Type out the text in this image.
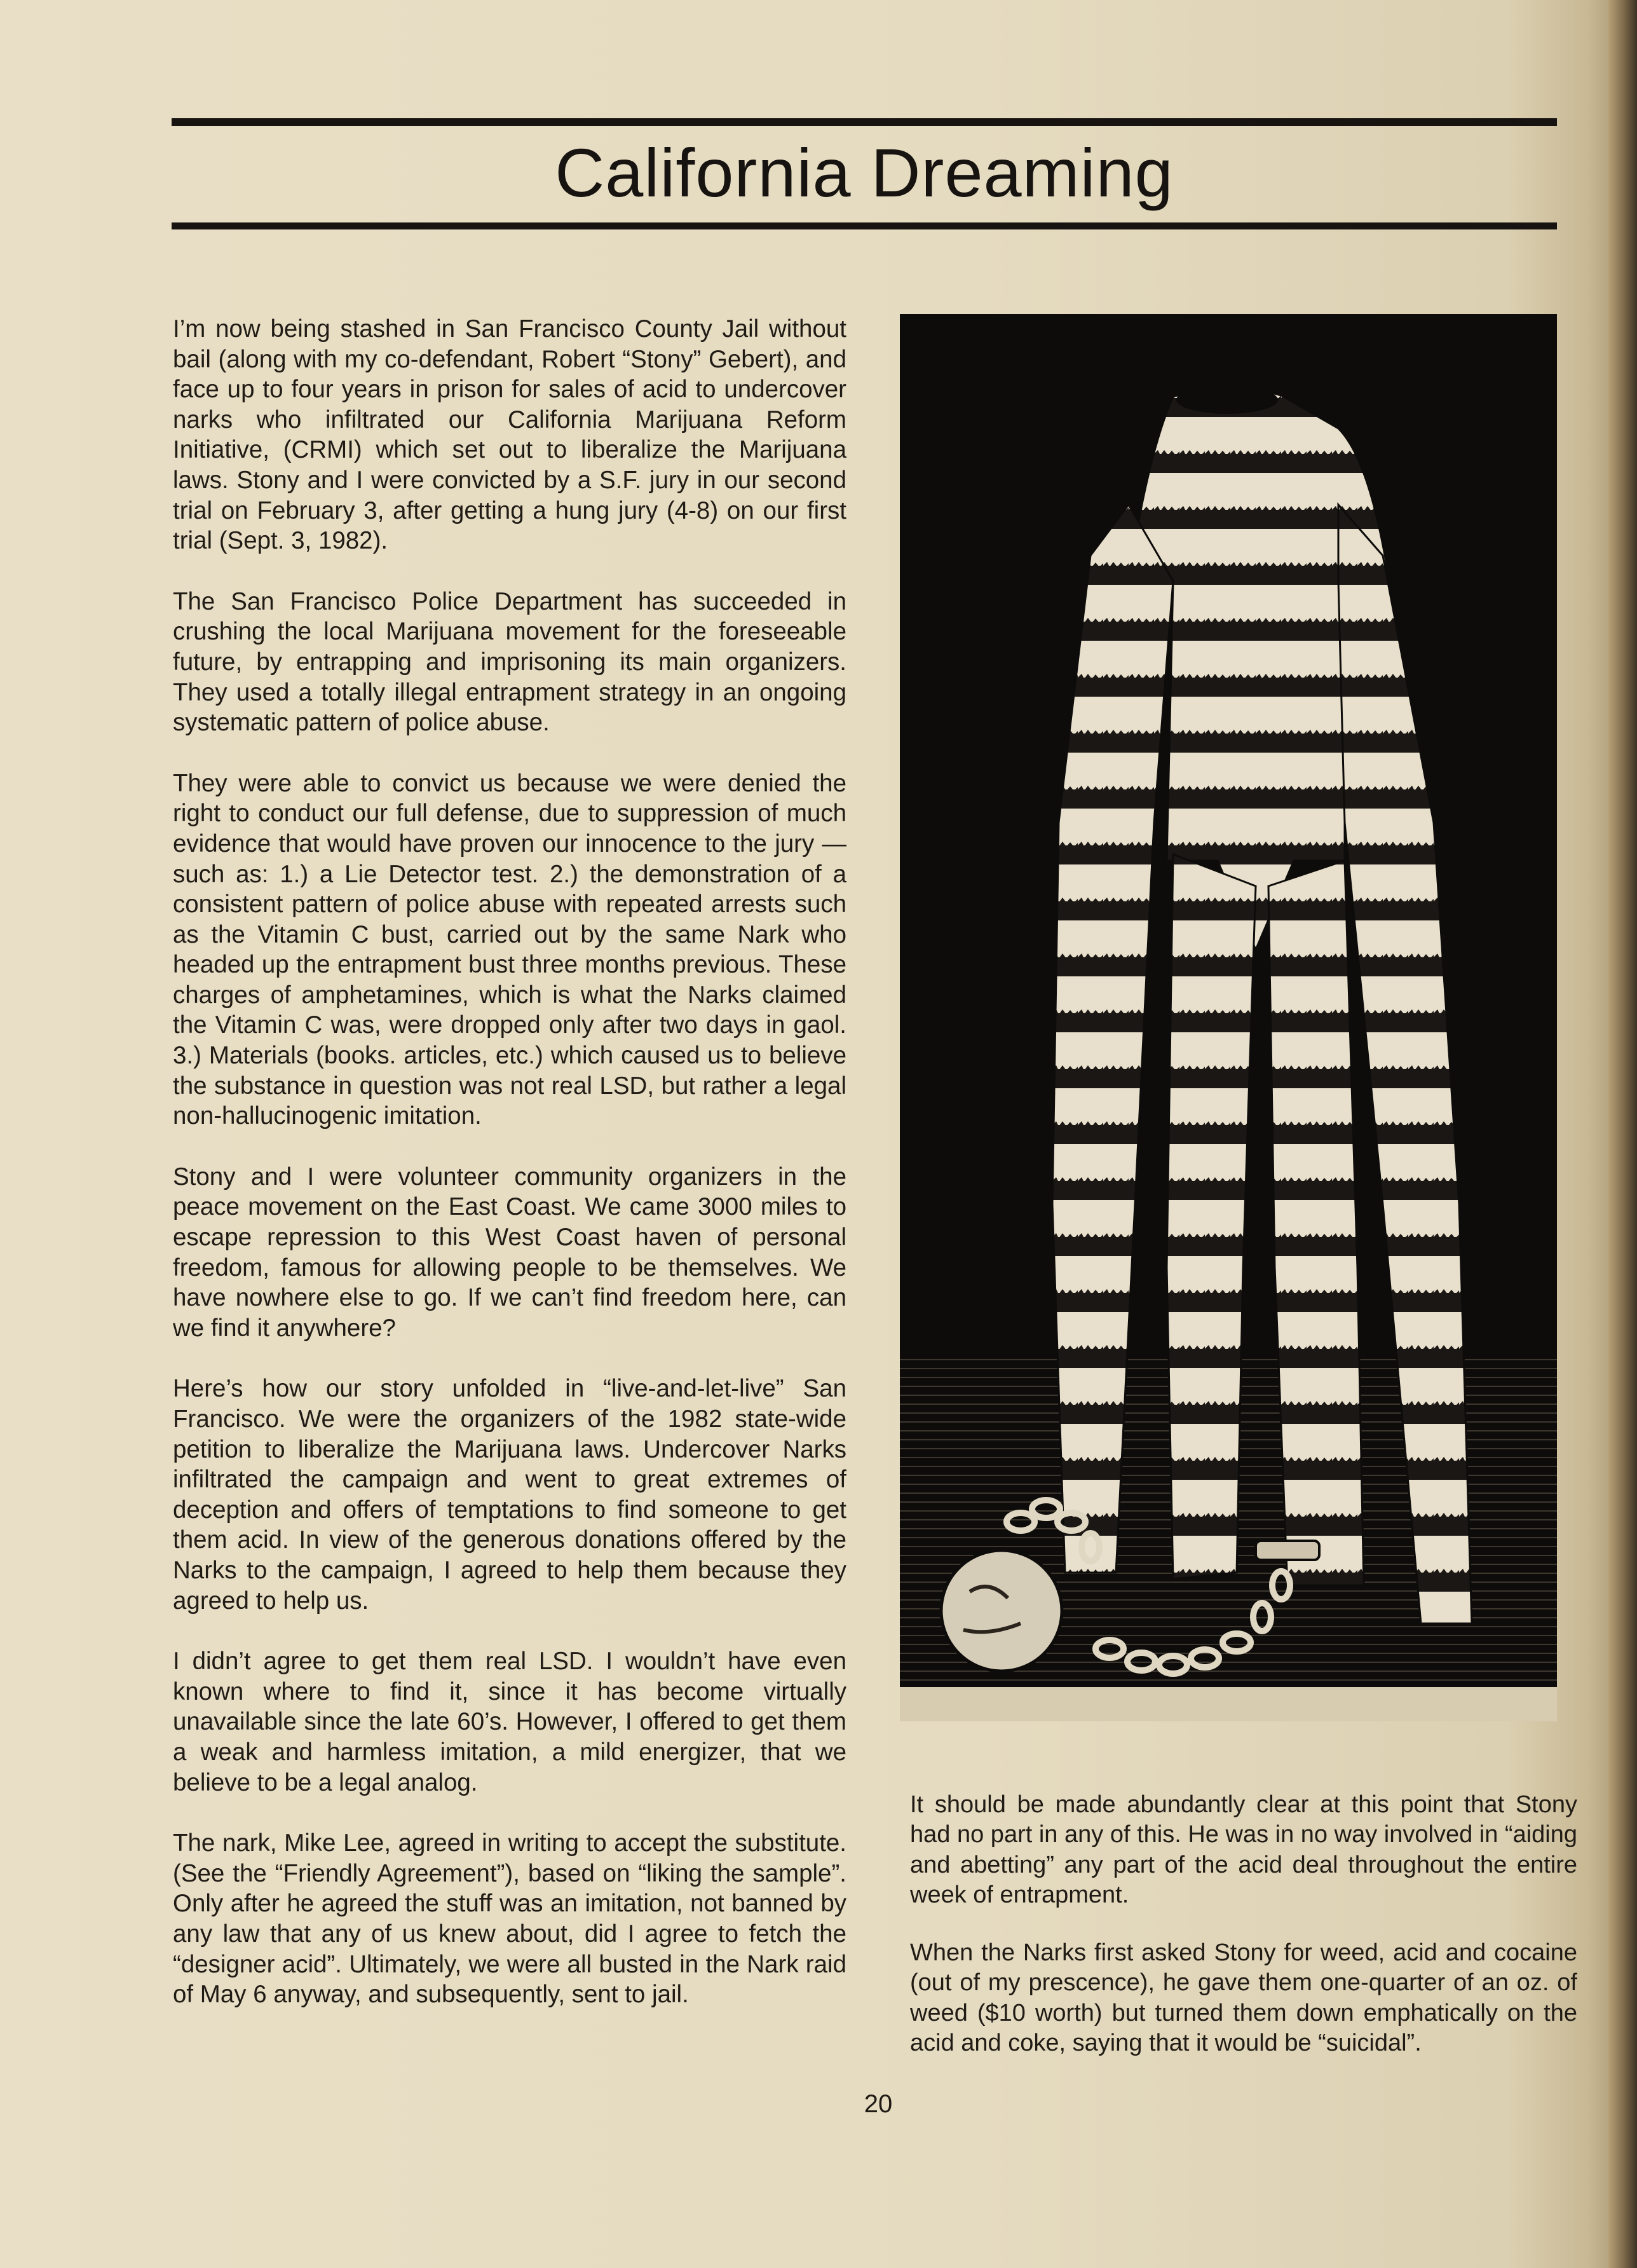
California Dreaming

I’m now being stashed in San Francisco County Jail without bail (along with my co-defendant, Robert “Stony” Gebert), and face up to four years in prison for sales of acid to undercover narks who infiltrated our California Marijuana Reform Initiative, (CRMI) which set out to liberalize the Marijuana laws. Stony and I were convicted by a S.F. jury in our second trial on February 3, after getting a hung jury (4-8) on our first trial (Sept. 3, 1982).

The San Francisco Police Department has succeeded in crushing the local Marijuana movement for the foreseeable future, by entrapping and imprisoning its main organizers. They used a totally illegal entrapment strategy in an ongoing systematic pattern of police abuse.

They were able to convict us because we were denied the right to conduct our full defense, due to suppression of much evidence that would have proven our innocence to the jury — such as: 1.) a Lie Detector test. 2.) the demonstration of a consistent pattern of police abuse with repeated arrests such as the Vitamin C bust, carried out by the same Nark who headed up the entrapment bust three months previous. These charges of amphetamines, which is what the Narks claimed the Vitamin C was, were dropped only after two days in gaol. 3.) Materials (books. articles, etc.) which caused us to believe the substance in question was not real LSD, but rather a legal non-hallucinogenic imitation.

Stony and I were volunteer community organizers in the peace movement on the East Coast. We came 3000 miles to escape repression to this West Coast haven of personal freedom, famous for allowing people to be themselves. We have nowhere else to go. If we can’t find freedom here, can we find it anywhere?

Here’s how our story unfolded in “live-and-let-live” San Francisco. We were the organizers of the 1982 state-wide petition to liberalize the Marijuana laws. Undercover Narks infiltrated the campaign and went to great extremes of deception and offers of temptations to find someone to get them acid. In view of the generous donations offered by the Narks to the campaign, I agreed to help them because they agreed to help us.

I didn’t agree to get them real LSD. I wouldn’t have even known where to find it, since it has become virtually unavailable since the late 60’s. However, I offered to get them a weak and harmless imitation, a mild energizer, that we believe to be a legal analog.

The nark, Mike Lee, agreed in writing to accept the substitute. (See the “Friendly Agreement”), based on “liking the sample”. Only after he agreed the stuff was an imitation, not banned by any law that any of us knew about, did I agree to fetch the “designer acid”. Ultimately, we were all busted in the Nark raid of May 6 anyway, and subsequently, sent to jail.

It should be made abundantly clear at this point that Stony had no part in any of this. He was in no way involved in “aiding and abetting” any part of the acid deal throughout the entire week of entrapment.

When the Narks first asked Stony for weed, acid and cocaine (out of my prescence), he gave them one-quarter of an oz. of weed ($10 worth) but turned them down emphatically on the acid and coke, saying that it would be “suicidal”.

20
